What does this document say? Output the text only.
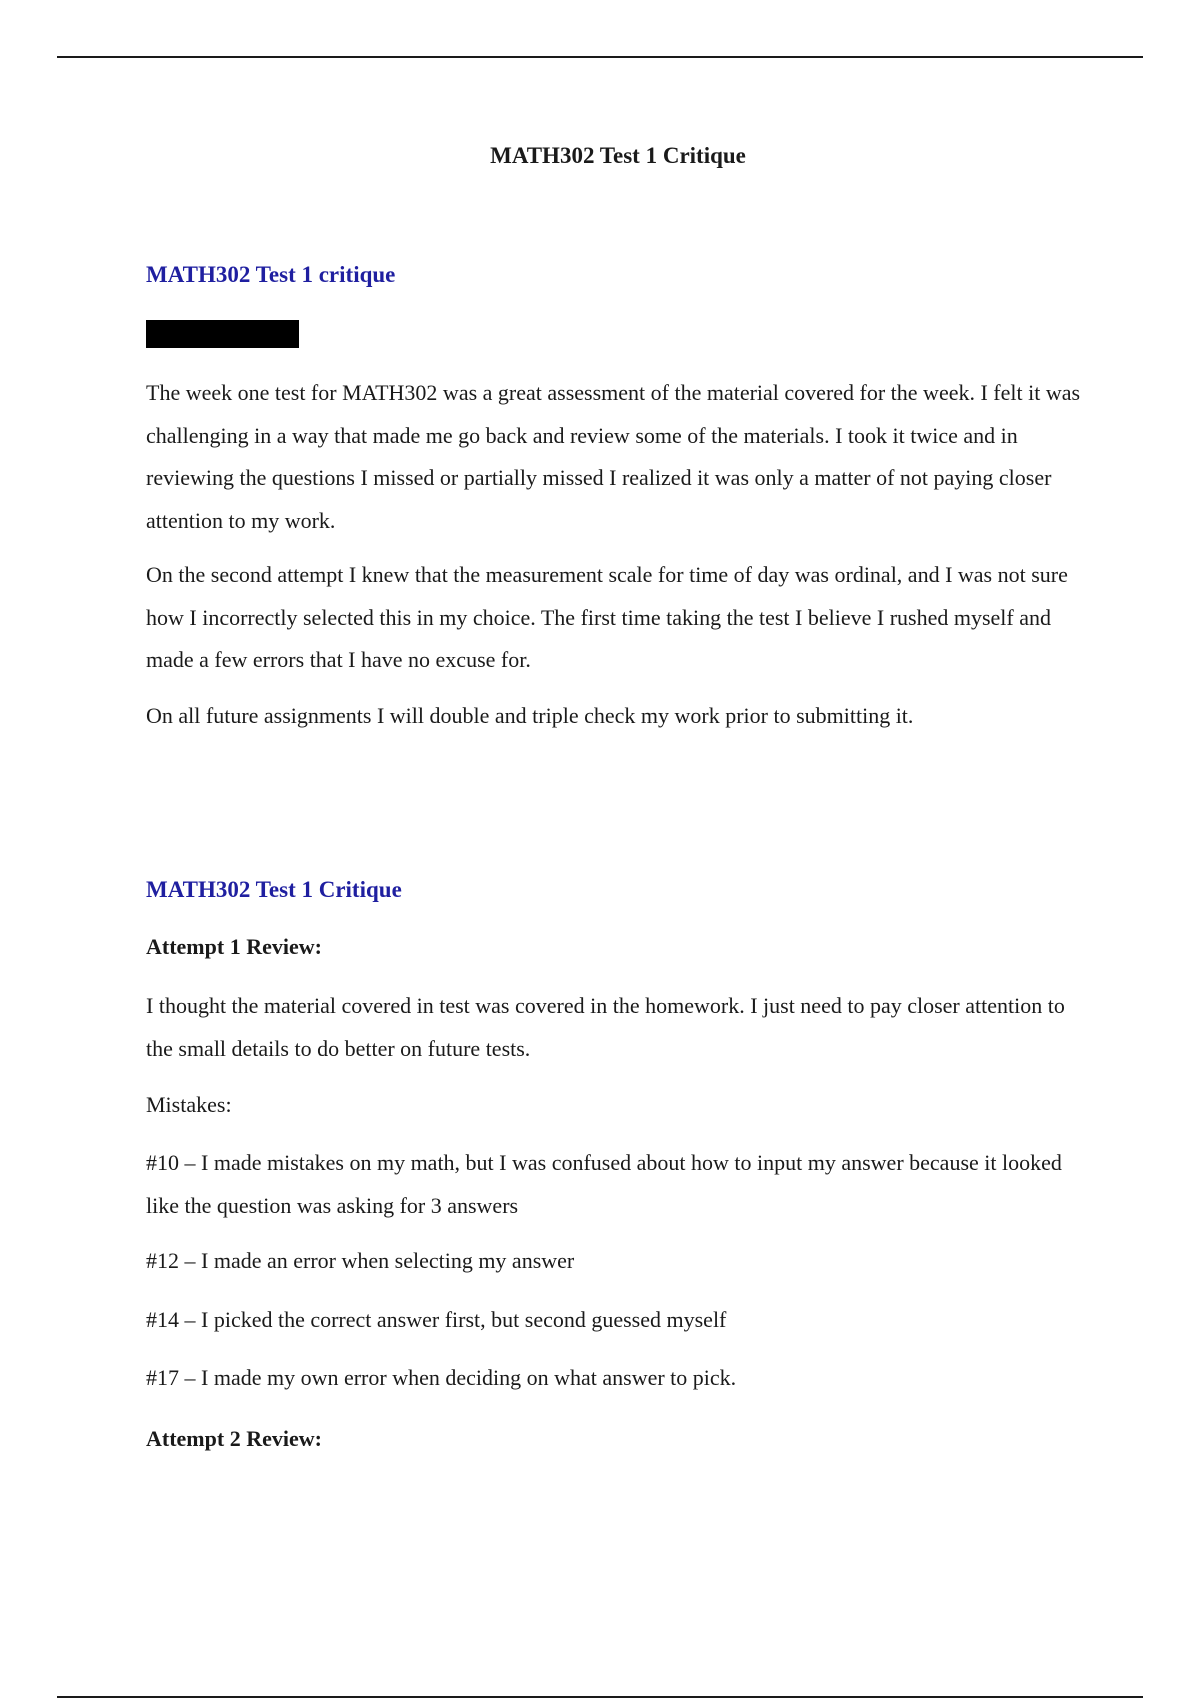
MATH302 Test 1 Critique
MATH302 Test 1 critique

The week one test for MATH302 was a great assessment of the material covered for the week. I felt it was challenging in a way that made me go back and review some of the materials. I took it twice and in reviewing the questions I missed or partially missed I realized it was only a matter of not paying closer attention to my work.

On the second attempt I knew that the measurement scale for time of day was ordinal, and I was not sure how I incorrectly selected this in my choice. The first time taking the test I believe I rushed myself and made a few errors that I have no excuse for.

On all future assignments I will double and triple check my work prior to submitting it.

MATH302 Test 1 Critique

Attempt 1 Review:

I thought the material covered in test was covered in the homework. I just need to pay closer attention to the small details to do better on future tests.

Mistakes:

#10 – I made mistakes on my math, but I was confused about how to input my answer because it looked like the question was asking for 3 answers

#12 – I made an error when selecting my answer

#14 – I picked the correct answer first, but second guessed myself

#17 – I made my own error when deciding on what answer to pick.

Attempt 2 Review:
